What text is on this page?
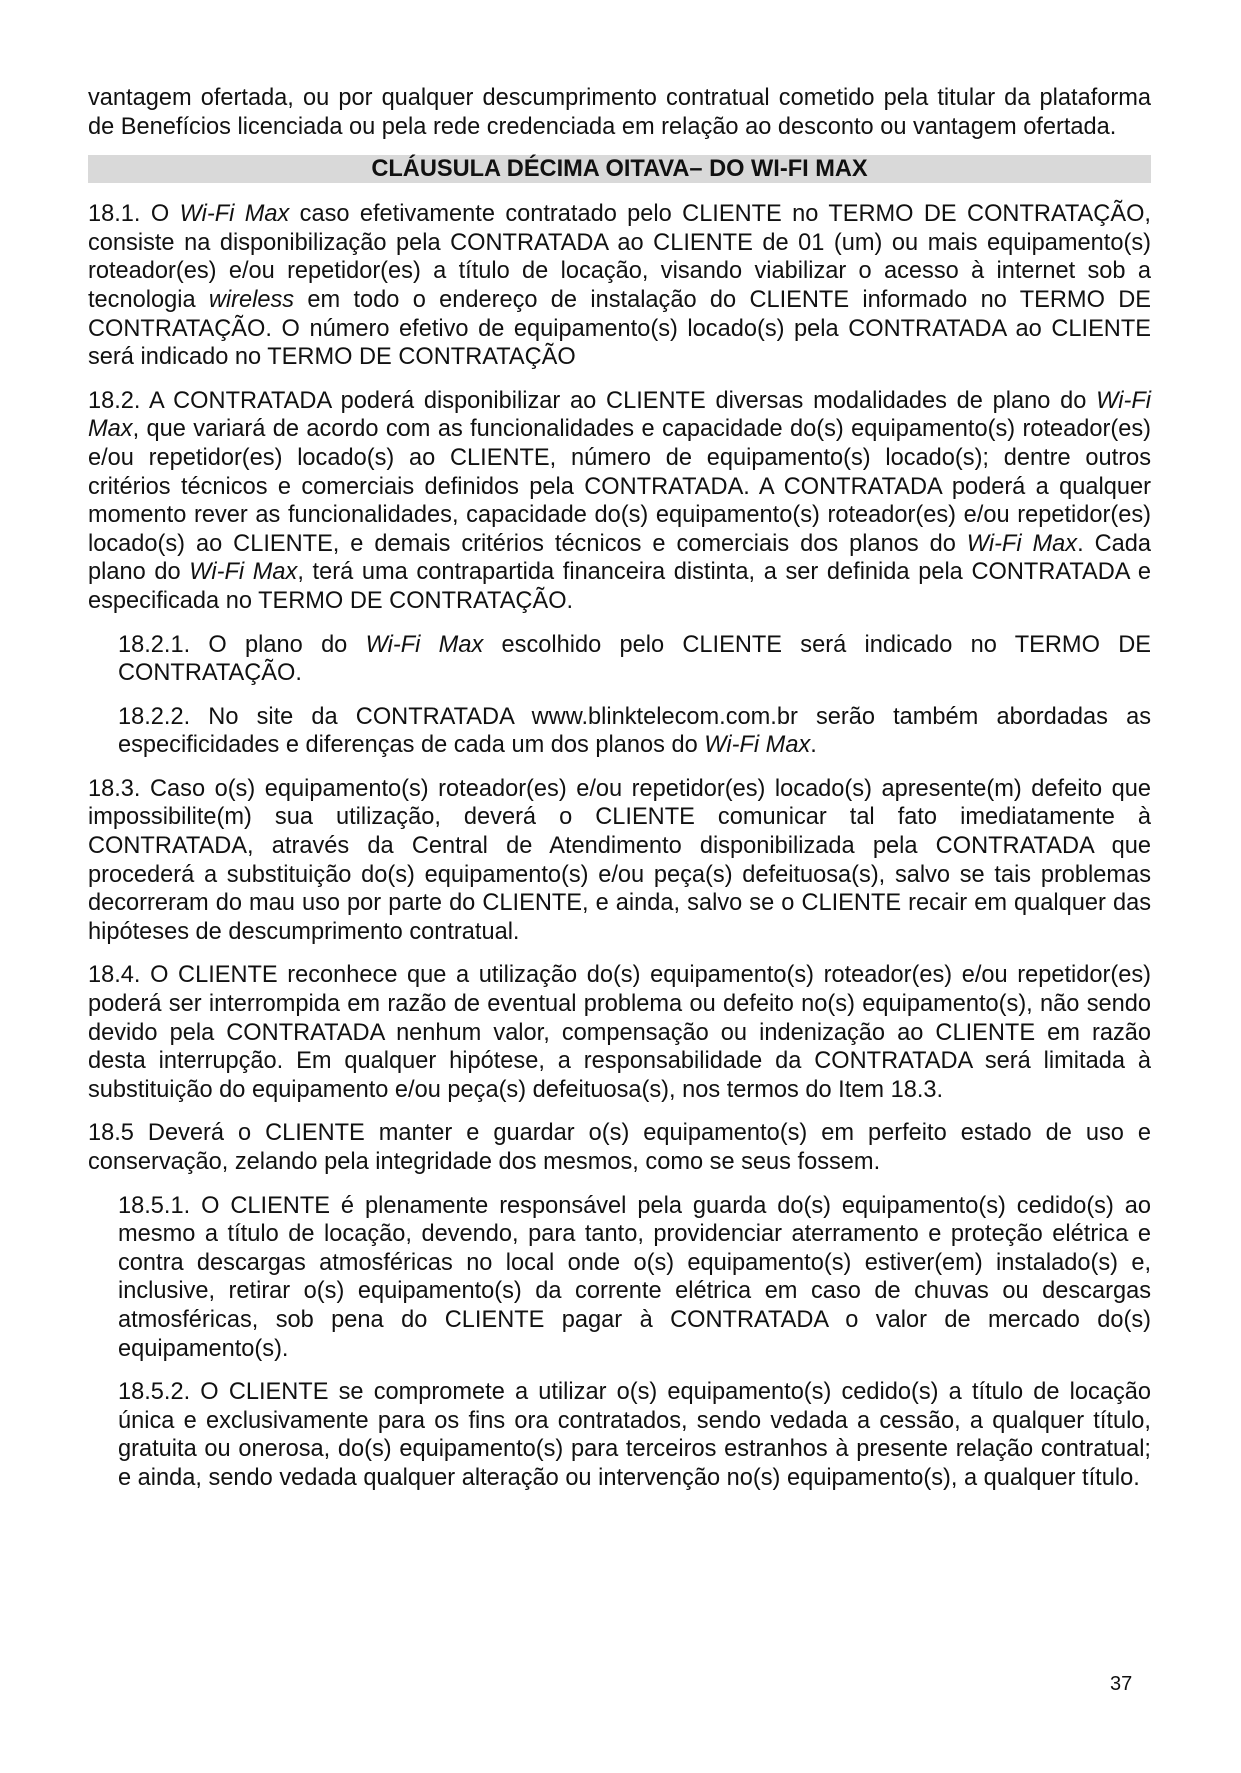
vantagem ofertada, ou por qualquer descumprimento contratual cometido pela titular da plataforma de Benefícios licenciada ou pela rede credenciada em relação ao desconto ou vantagem ofertada.

CLÁUSULA DÉCIMA OITAVA– DO WI-FI MAX

18.1. O Wi-Fi Max caso efetivamente contratado pelo CLIENTE no TERMO DE CONTRATAÇÃO, consiste na disponibilização pela CONTRATADA ao CLIENTE de 01 (um) ou mais equipamento(s) roteador(es) e/ou repetidor(es) a título de locação, visando viabilizar o acesso à internet sob a tecnologia wireless em todo o endereço de instalação do CLIENTE informado no TERMO DE CONTRATAÇÃO. O número efetivo de equipamento(s) locado(s) pela CONTRATADA ao CLIENTE será indicado no TERMO DE CONTRATAÇÃO

18.2. A CONTRATADA poderá disponibilizar ao CLIENTE diversas modalidades de plano do Wi-Fi Max, que variará de acordo com as funcionalidades e capacidade do(s) equipamento(s) roteador(es) e/ou repetidor(es) locado(s) ao CLIENTE, número de equipamento(s) locado(s); dentre outros critérios técnicos e comerciais definidos pela CONTRATADA. A CONTRATADA poderá a qualquer momento rever as funcionalidades, capacidade do(s) equipamento(s) roteador(es) e/ou repetidor(es) locado(s) ao CLIENTE, e demais critérios técnicos e comerciais dos planos do Wi-Fi Max. Cada plano do Wi-Fi Max, terá uma contrapartida financeira distinta, a ser definida pela CONTRATADA e especificada no TERMO DE CONTRATAÇÃO.

18.2.1. O plano do Wi-Fi Max escolhido pelo CLIENTE será indicado no TERMO DE CONTRATAÇÃO.

18.2.2. No site da CONTRATADA www.blinktelecom.com.br serão também abordadas as especificidades e diferenças de cada um dos planos do Wi-Fi Max.

18.3. Caso o(s) equipamento(s) roteador(es) e/ou repetidor(es) locado(s) apresente(m) defeito que impossibilite(m) sua utilização, deverá o CLIENTE comunicar tal fato imediatamente à CONTRATADA, através da Central de Atendimento disponibilizada pela CONTRATADA que procederá a substituição do(s) equipamento(s) e/ou peça(s) defeituosa(s), salvo se tais problemas decorreram do mau uso por parte do CLIENTE, e ainda, salvo se o CLIENTE recair em qualquer das hipóteses de descumprimento contratual.

18.4. O CLIENTE reconhece que a utilização do(s) equipamento(s) roteador(es) e/ou repetidor(es) poderá ser interrompida em razão de eventual problema ou defeito no(s) equipamento(s), não sendo devido pela CONTRATADA nenhum valor, compensação ou indenização ao CLIENTE em razão desta interrupção. Em qualquer hipótese, a responsabilidade da CONTRATADA será limitada à substituição do equipamento e/ou peça(s) defeituosa(s), nos termos do Item 18.3.

18.5 Deverá o CLIENTE manter e guardar o(s) equipamento(s) em perfeito estado de uso e conservação, zelando pela integridade dos mesmos, como se seus fossem.

18.5.1. O CLIENTE é plenamente responsável pela guarda do(s) equipamento(s) cedido(s) ao mesmo a título de locação, devendo, para tanto, providenciar aterramento e proteção elétrica e contra descargas atmosféricas no local onde o(s) equipamento(s) estiver(em) instalado(s) e, inclusive, retirar o(s) equipamento(s) da corrente elétrica em caso de chuvas ou descargas atmosféricas, sob pena do CLIENTE pagar à CONTRATADA o valor de mercado do(s) equipamento(s).

18.5.2. O CLIENTE se compromete a utilizar o(s) equipamento(s) cedido(s) a título de locação única e exclusivamente para os fins ora contratados, sendo vedada a cessão, a qualquer título, gratuita ou onerosa, do(s) equipamento(s) para terceiros estranhos à presente relação contratual; e ainda, sendo vedada qualquer alteração ou intervenção no(s) equipamento(s), a qualquer título.

37
